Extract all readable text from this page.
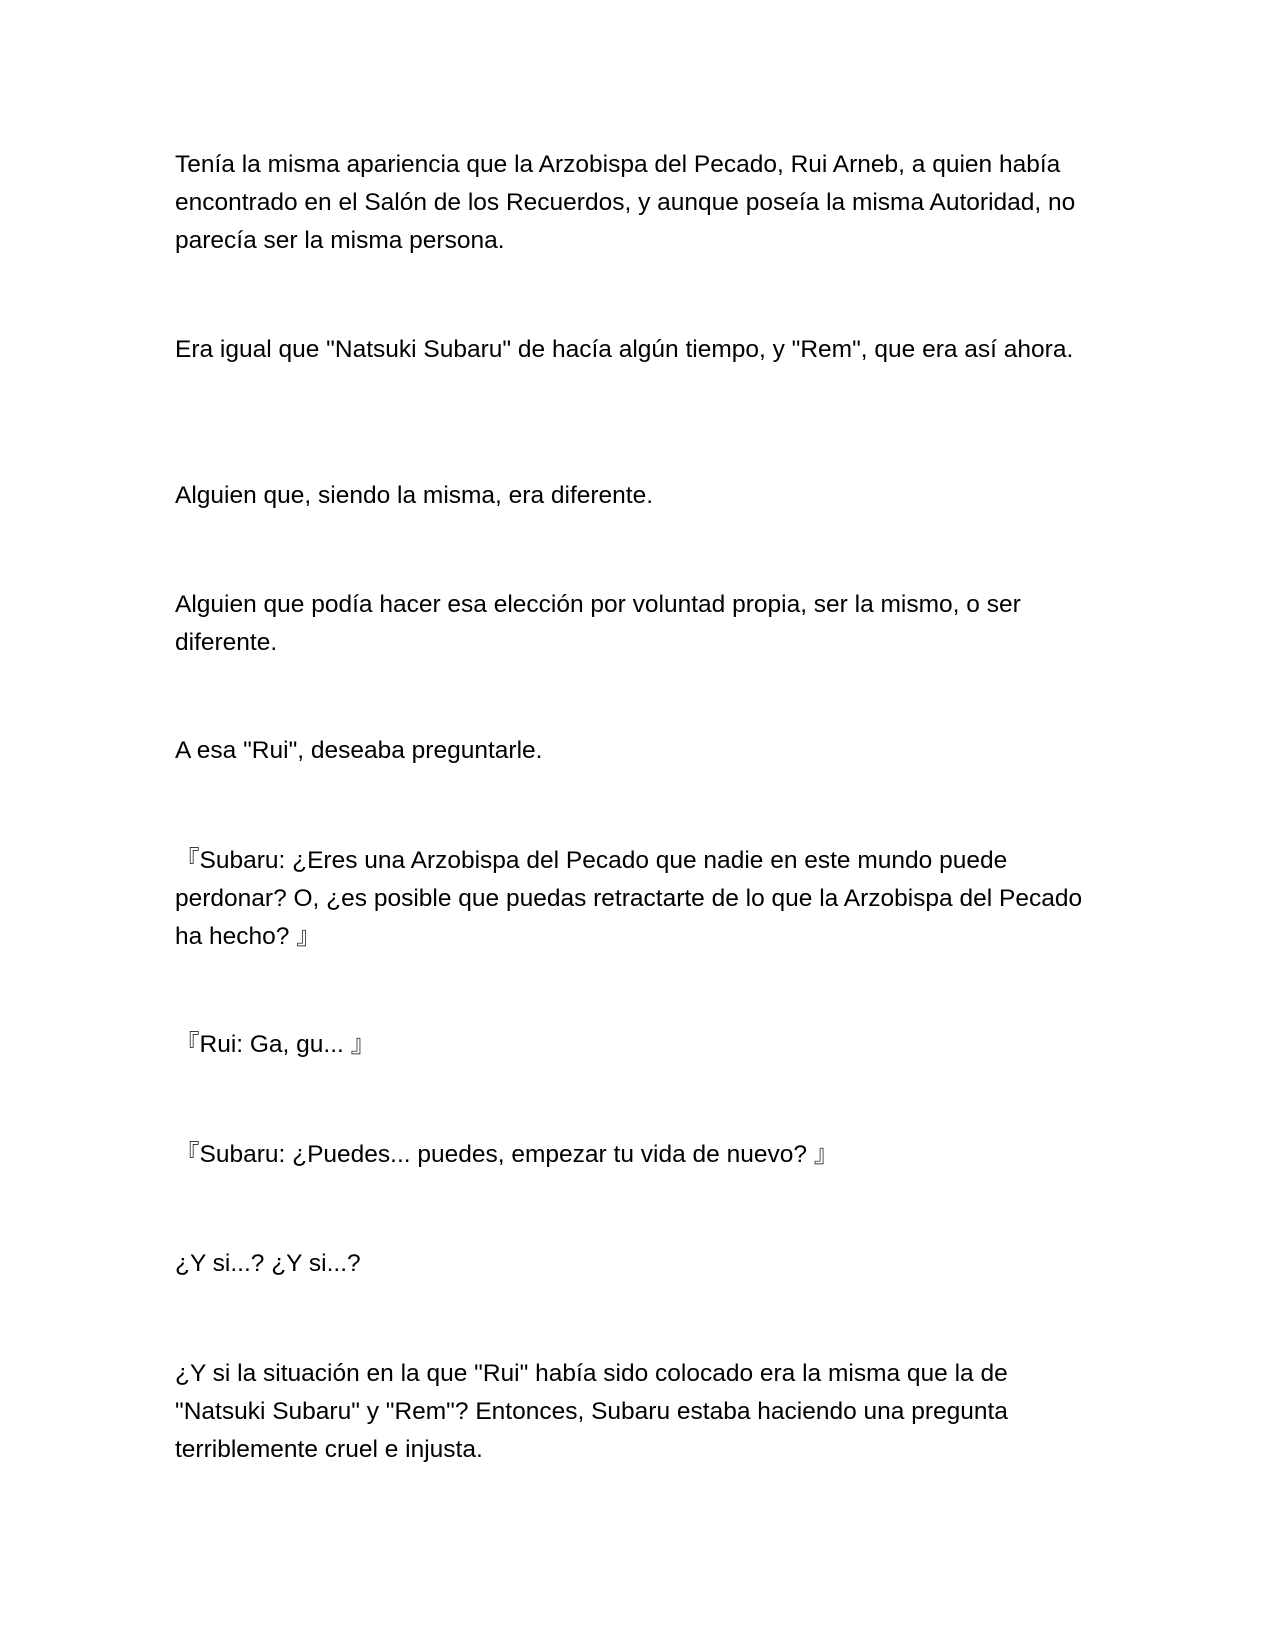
Tenía la misma apariencia que la Arzobispa del Pecado, Rui Arneb, a quien había encontrado en el Salón de los Recuerdos, y aunque poseía la misma Autoridad, no parecía ser la misma persona.

Era igual que "Natsuki Subaru" de hacía algún tiempo, y "Rem", que era así ahora.

Alguien que, siendo la misma, era diferente.

Alguien que podía hacer esa elección por voluntad propia, ser la mismo, o ser diferente.

A esa "Rui", deseaba preguntarle.

『Subaru: ¿Eres una Arzobispa del Pecado que nadie en este mundo puede perdonar? O, ¿es posible que puedas retractarte de lo que la Arzobispa del Pecado ha hecho? 』

『Rui: Ga, gu... 』

『Subaru: ¿Puedes... puedes, empezar tu vida de nuevo? 』

¿Y si...? ¿Y si...?

¿Y si la situación en la que "Rui" había sido colocado era la misma que la de "Natsuki Subaru" y "Rem"? Entonces, Subaru estaba haciendo una pregunta terriblemente cruel e injusta.
